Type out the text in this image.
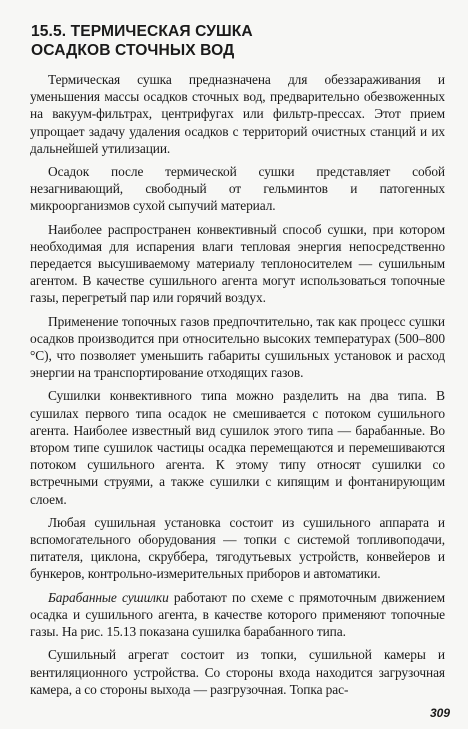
15.5. ТЕРМИЧЕСКАЯ СУШКА
ОСАДКОВ СТОЧНЫХ ВОД

Термическая сушка предназначена для обеззараживания и уменьшения массы осадков сточных вод, предварительно обезвоженных на вакуум-фильтрах, центрифугах или фильтр-прессах. Этот прием упрощает задачу удаления осадков с территорий очистных станций и их дальнейшей утилизации.

Осадок после термической сушки представляет собой незагнивающий, свободный от гельминтов и патогенных микроорганизмов сухой сыпучий материал.

Наиболее распространен конвективный способ сушки, при котором необходимая для испарения влаги тепловая энергия непосредственно передается высушиваемому материалу теплоносителем — сушильным агентом. В качестве сушильного агента могут использоваться топочные газы, перегретый пар или горячий воздух.

Применение топочных газов предпочтительно, так как процесс сушки осадков производится при относительно высоких температурах (500–800 °С), что позволяет уменьшить габариты сушильных установок и расход энергии на транспортирование отходящих газов.

Сушилки конвективного типа можно разделить на два типа. В сушилах первого типа осадок не смешивается с потоком сушильного агента. Наиболее известный вид сушилок этого типа — барабанные. Во втором типе сушилок частицы осадка перемещаются и перемешиваются потоком сушильного агента. К этому типу относят сушилки со встречными струями, а также сушилки с кипящим и фонтанирующим слоем.

Любая сушильная установка состоит из сушильного аппарата и вспомогательного оборудования — топки с системой топливоподачи, питателя, циклона, скруббера, тягодутьевых устройств, конвейеров и бункеров, контрольно-измерительных приборов и автоматики.

Барабанные сушилки работают по схеме с прямоточным движением осадка и сушильного агента, в качестве которого применяют топочные газы. На рис. 15.13 показана сушилка барабанного типа.

Сушильный агрегат состоит из топки, сушильной камеры и вентиляционного устройства. Со стороны входа находится загрузочная камера, а со стороны выхода — разгрузочная. Топка рас-

309
